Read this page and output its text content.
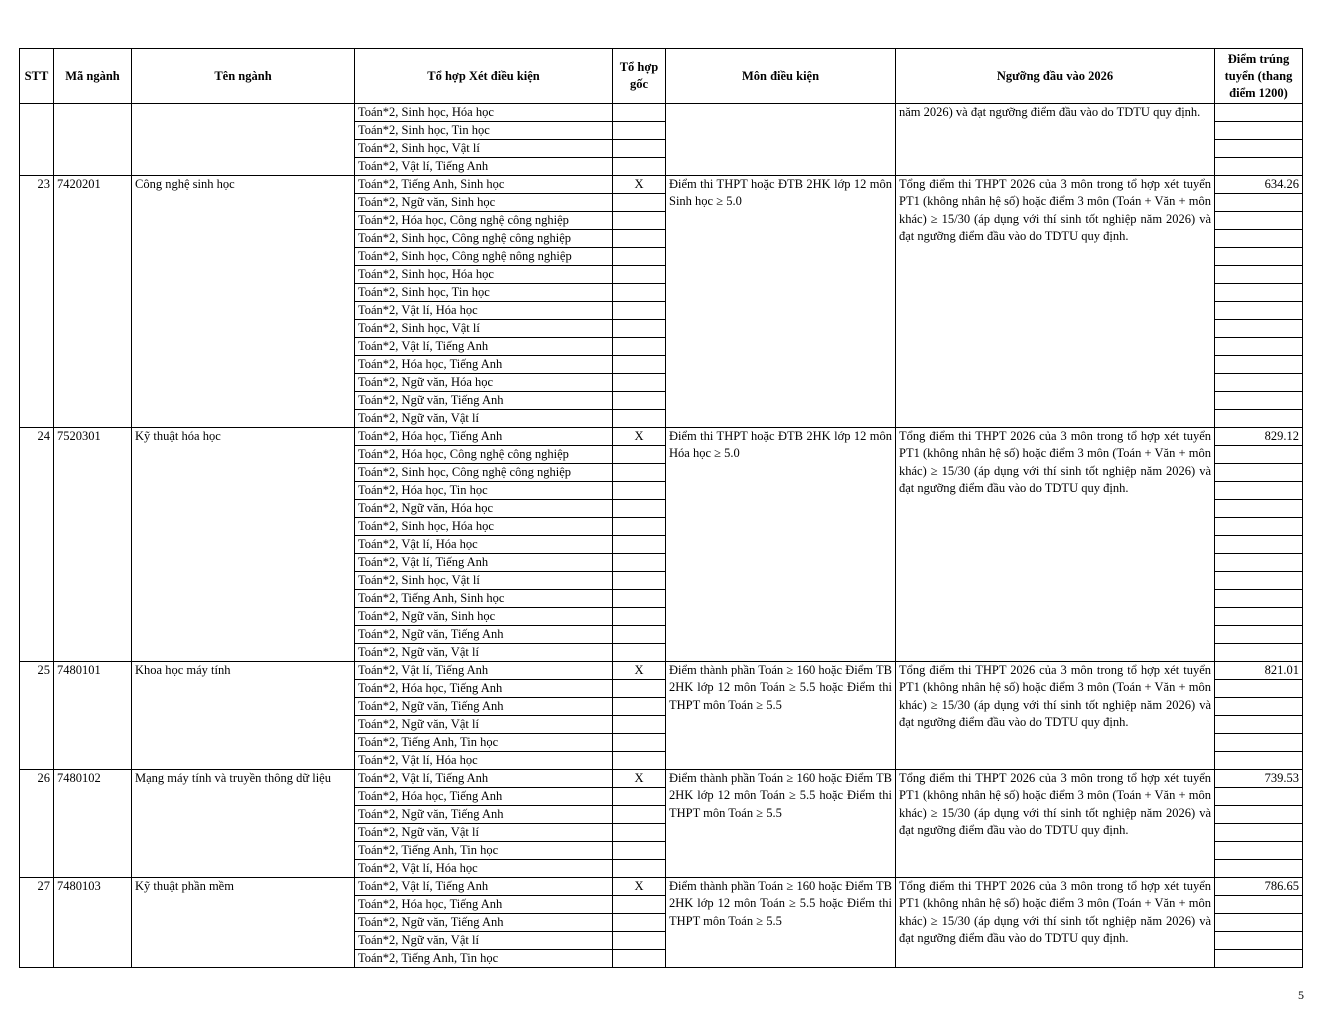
STT	Mã ngành	Tên ngành	Tổ hợp Xét điều kiện	Tổ hợp gốc	Môn điều kiện	Ngưỡng đầu vào 2026	Điểm trúng tuyển (thang điểm 1200)
			Toán*2, Sinh học, Hóa học			năm 2026) và đạt ngưỡng điểm đầu vào do TDTU quy định.	
			Toán*2, Sinh học, Tin học				
			Toán*2, Sinh học, Vật lí				
			Toán*2, Vật lí, Tiếng Anh				
23	7420201	Công nghệ sinh học	Toán*2, Tiếng Anh, Sinh học	X	Điểm thi THPT hoặc ĐTB 2HK lớp 12 môn Sinh học ≥ 5.0	Tổng điểm thi THPT 2026 của 3 môn trong tổ hợp xét tuyển PT1 (không nhân hệ số) hoặc điểm 3 môn (Toán + Văn + môn khác) ≥ 15/30 (áp dụng với thí sinh tốt nghiệp năm 2026) và đạt ngưỡng điểm đầu vào do TDTU quy định.	634.26
			Toán*2, Ngữ văn, Sinh học				
			Toán*2, Hóa học, Công nghệ công nghiệp				
			Toán*2, Sinh học, Công nghệ công nghiệp				
			Toán*2, Sinh học, Công nghệ nông nghiệp				
			Toán*2, Sinh học, Hóa học				
			Toán*2, Sinh học, Tin học				
			Toán*2, Vật lí, Hóa học				
			Toán*2, Sinh học, Vật lí				
			Toán*2, Vật lí, Tiếng Anh				
			Toán*2, Hóa học, Tiếng Anh				
			Toán*2, Ngữ văn, Hóa học				
			Toán*2, Ngữ văn, Tiếng Anh				
			Toán*2, Ngữ văn, Vật lí				
24	7520301	Kỹ thuật hóa học	Toán*2, Hóa học, Tiếng Anh	X	Điểm thi THPT hoặc ĐTB 2HK lớp 12 môn Hóa học ≥ 5.0	Tổng điểm thi THPT 2026 của 3 môn trong tổ hợp xét tuyển PT1 (không nhân hệ số) hoặc điểm 3 môn (Toán + Văn + môn khác) ≥ 15/30 (áp dụng với thí sinh tốt nghiệp năm 2026) và đạt ngưỡng điểm đầu vào do TDTU quy định.	829.12
			Toán*2, Hóa học, Công nghệ công nghiệp				
			Toán*2, Sinh học, Công nghệ công nghiệp				
			Toán*2, Hóa học, Tin học				
			Toán*2, Ngữ văn, Hóa học				
			Toán*2, Sinh học, Hóa học				
			Toán*2, Vật lí, Hóa học				
			Toán*2, Vật lí, Tiếng Anh				
			Toán*2, Sinh học, Vật lí				
			Toán*2, Tiếng Anh, Sinh học				
			Toán*2, Ngữ văn, Sinh học				
			Toán*2, Ngữ văn, Tiếng Anh				
			Toán*2, Ngữ văn, Vật lí				
25	7480101	Khoa học máy tính	Toán*2, Vật lí, Tiếng Anh	X	Điểm thành phần Toán ≥ 160 hoặc Điểm TB 2HK lớp 12 môn Toán ≥ 5.5 hoặc Điểm thi THPT môn Toán ≥ 5.5	Tổng điểm thi THPT 2026 của 3 môn trong tổ hợp xét tuyển PT1 (không nhân hệ số) hoặc điểm 3 môn (Toán + Văn + môn khác) ≥ 15/30 (áp dụng với thí sinh tốt nghiệp năm 2026) và đạt ngưỡng điểm đầu vào do TDTU quy định.	821.01
			Toán*2, Hóa học, Tiếng Anh				
			Toán*2, Ngữ văn, Tiếng Anh				
			Toán*2, Ngữ văn, Vật lí				
			Toán*2, Tiếng Anh, Tin học				
			Toán*2, Vật lí, Hóa học				
26	7480102	Mạng máy tính và truyền thông dữ liệu	Toán*2, Vật lí, Tiếng Anh	X	Điểm thành phần Toán ≥ 160 hoặc Điểm TB 2HK lớp 12 môn Toán ≥ 5.5 hoặc Điểm thi THPT môn Toán ≥ 5.5	Tổng điểm thi THPT 2026 của 3 môn trong tổ hợp xét tuyển PT1 (không nhân hệ số) hoặc điểm 3 môn (Toán + Văn + môn khác) ≥ 15/30 (áp dụng với thí sinh tốt nghiệp năm 2026) và đạt ngưỡng điểm đầu vào do TDTU quy định.	739.53
			Toán*2, Hóa học, Tiếng Anh				
			Toán*2, Ngữ văn, Tiếng Anh				
			Toán*2, Ngữ văn, Vật lí				
			Toán*2, Tiếng Anh, Tin học				
			Toán*2, Vật lí, Hóa học				
27	7480103	Kỹ thuật phần mềm	Toán*2, Vật lí, Tiếng Anh	X	Điểm thành phần Toán ≥ 160 hoặc Điểm TB 2HK lớp 12 môn Toán ≥ 5.5 hoặc Điểm thi THPT môn Toán ≥ 5.5	Tổng điểm thi THPT 2026 của 3 môn trong tổ hợp xét tuyển PT1 (không nhân hệ số) hoặc điểm 3 môn (Toán + Văn + môn khác) ≥ 15/30 (áp dụng với thí sinh tốt nghiệp năm 2026) và đạt ngưỡng điểm đầu vào do TDTU quy định.	786.65
			Toán*2, Hóa học, Tiếng Anh				
			Toán*2, Ngữ văn, Tiếng Anh				
			Toán*2, Ngữ văn, Vật lí				
			Toán*2, Tiếng Anh, Tin học				
5
